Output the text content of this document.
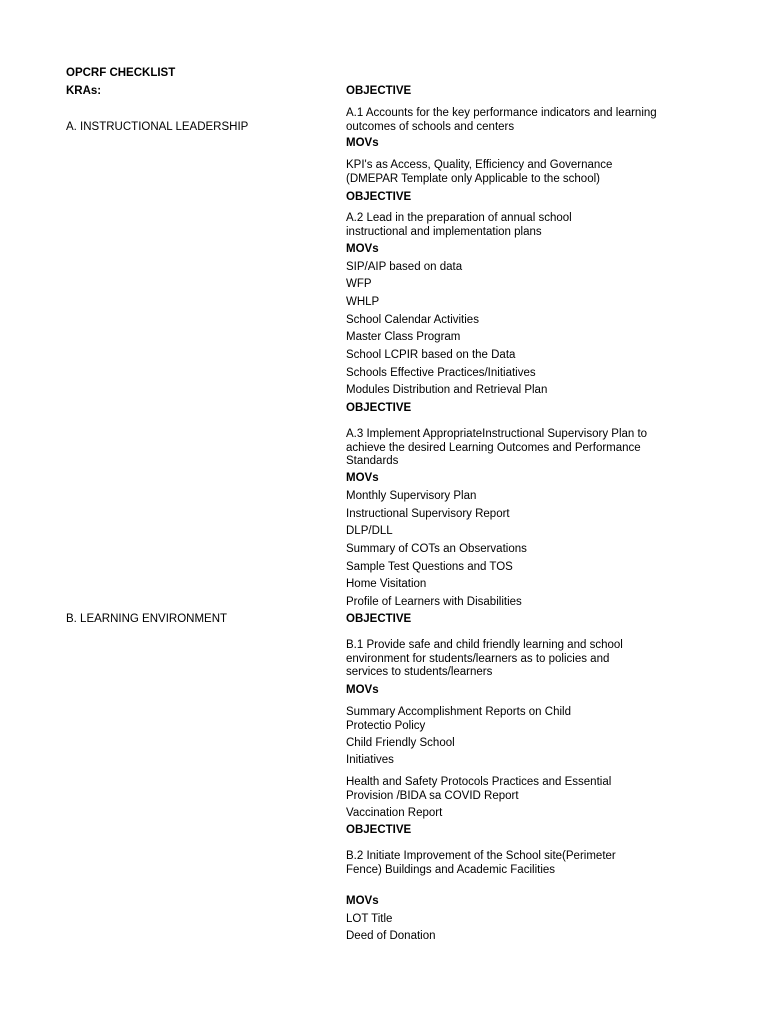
OPCRF CHECKLIST
KRAs:
A. INSTRUCTIONAL LEADERSHIP
B. LEARNING ENVIRONMENT
OBJECTIVE
A.1 Accounts for the key performance indicators and learning outcomes of schools and centers
MOVs
KPI's as Access, Quality, Efficiency and Governance (DMEPAR Template only Applicable to the school)
OBJECTIVE
A.2 Lead in the preparation of annual school instructional and implementation plans
MOVs
SIP/AIP based on data
WFP
WHLP
School Calendar Activities
Master Class Program
School LCPIR based on the Data
Schools Effective Practices/Initiatives
Modules Distribution and Retrieval Plan
OBJECTIVE
A.3 Implement AppropriateInstructional Supervisory Plan to achieve the desired Learning Outcomes and Performance Standards
MOVs
Monthly Supervisory Plan
Instructional Supervisory Report
DLP/DLL
Summary of COTs an Observations
Sample Test Questions and TOS
Home Visitation
Profile of Learners with Disabilities
OBJECTIVE
B.1 Provide safe and child friendly learning and school environment for students/learners as to policies and services to students/learners
MOVs
Summary Accomplishment Reports on Child Protectio Policy
Child Friendly School
Initiatives
Health and Safety Protocols Practices and Essential Provision /BIDA sa COVID Report
Vaccination Report
OBJECTIVE
B.2 Initiate Improvement of the School site(Perimeter Fence) Buildings and Academic Facilities
MOVs
LOT Title
Deed of Donation
